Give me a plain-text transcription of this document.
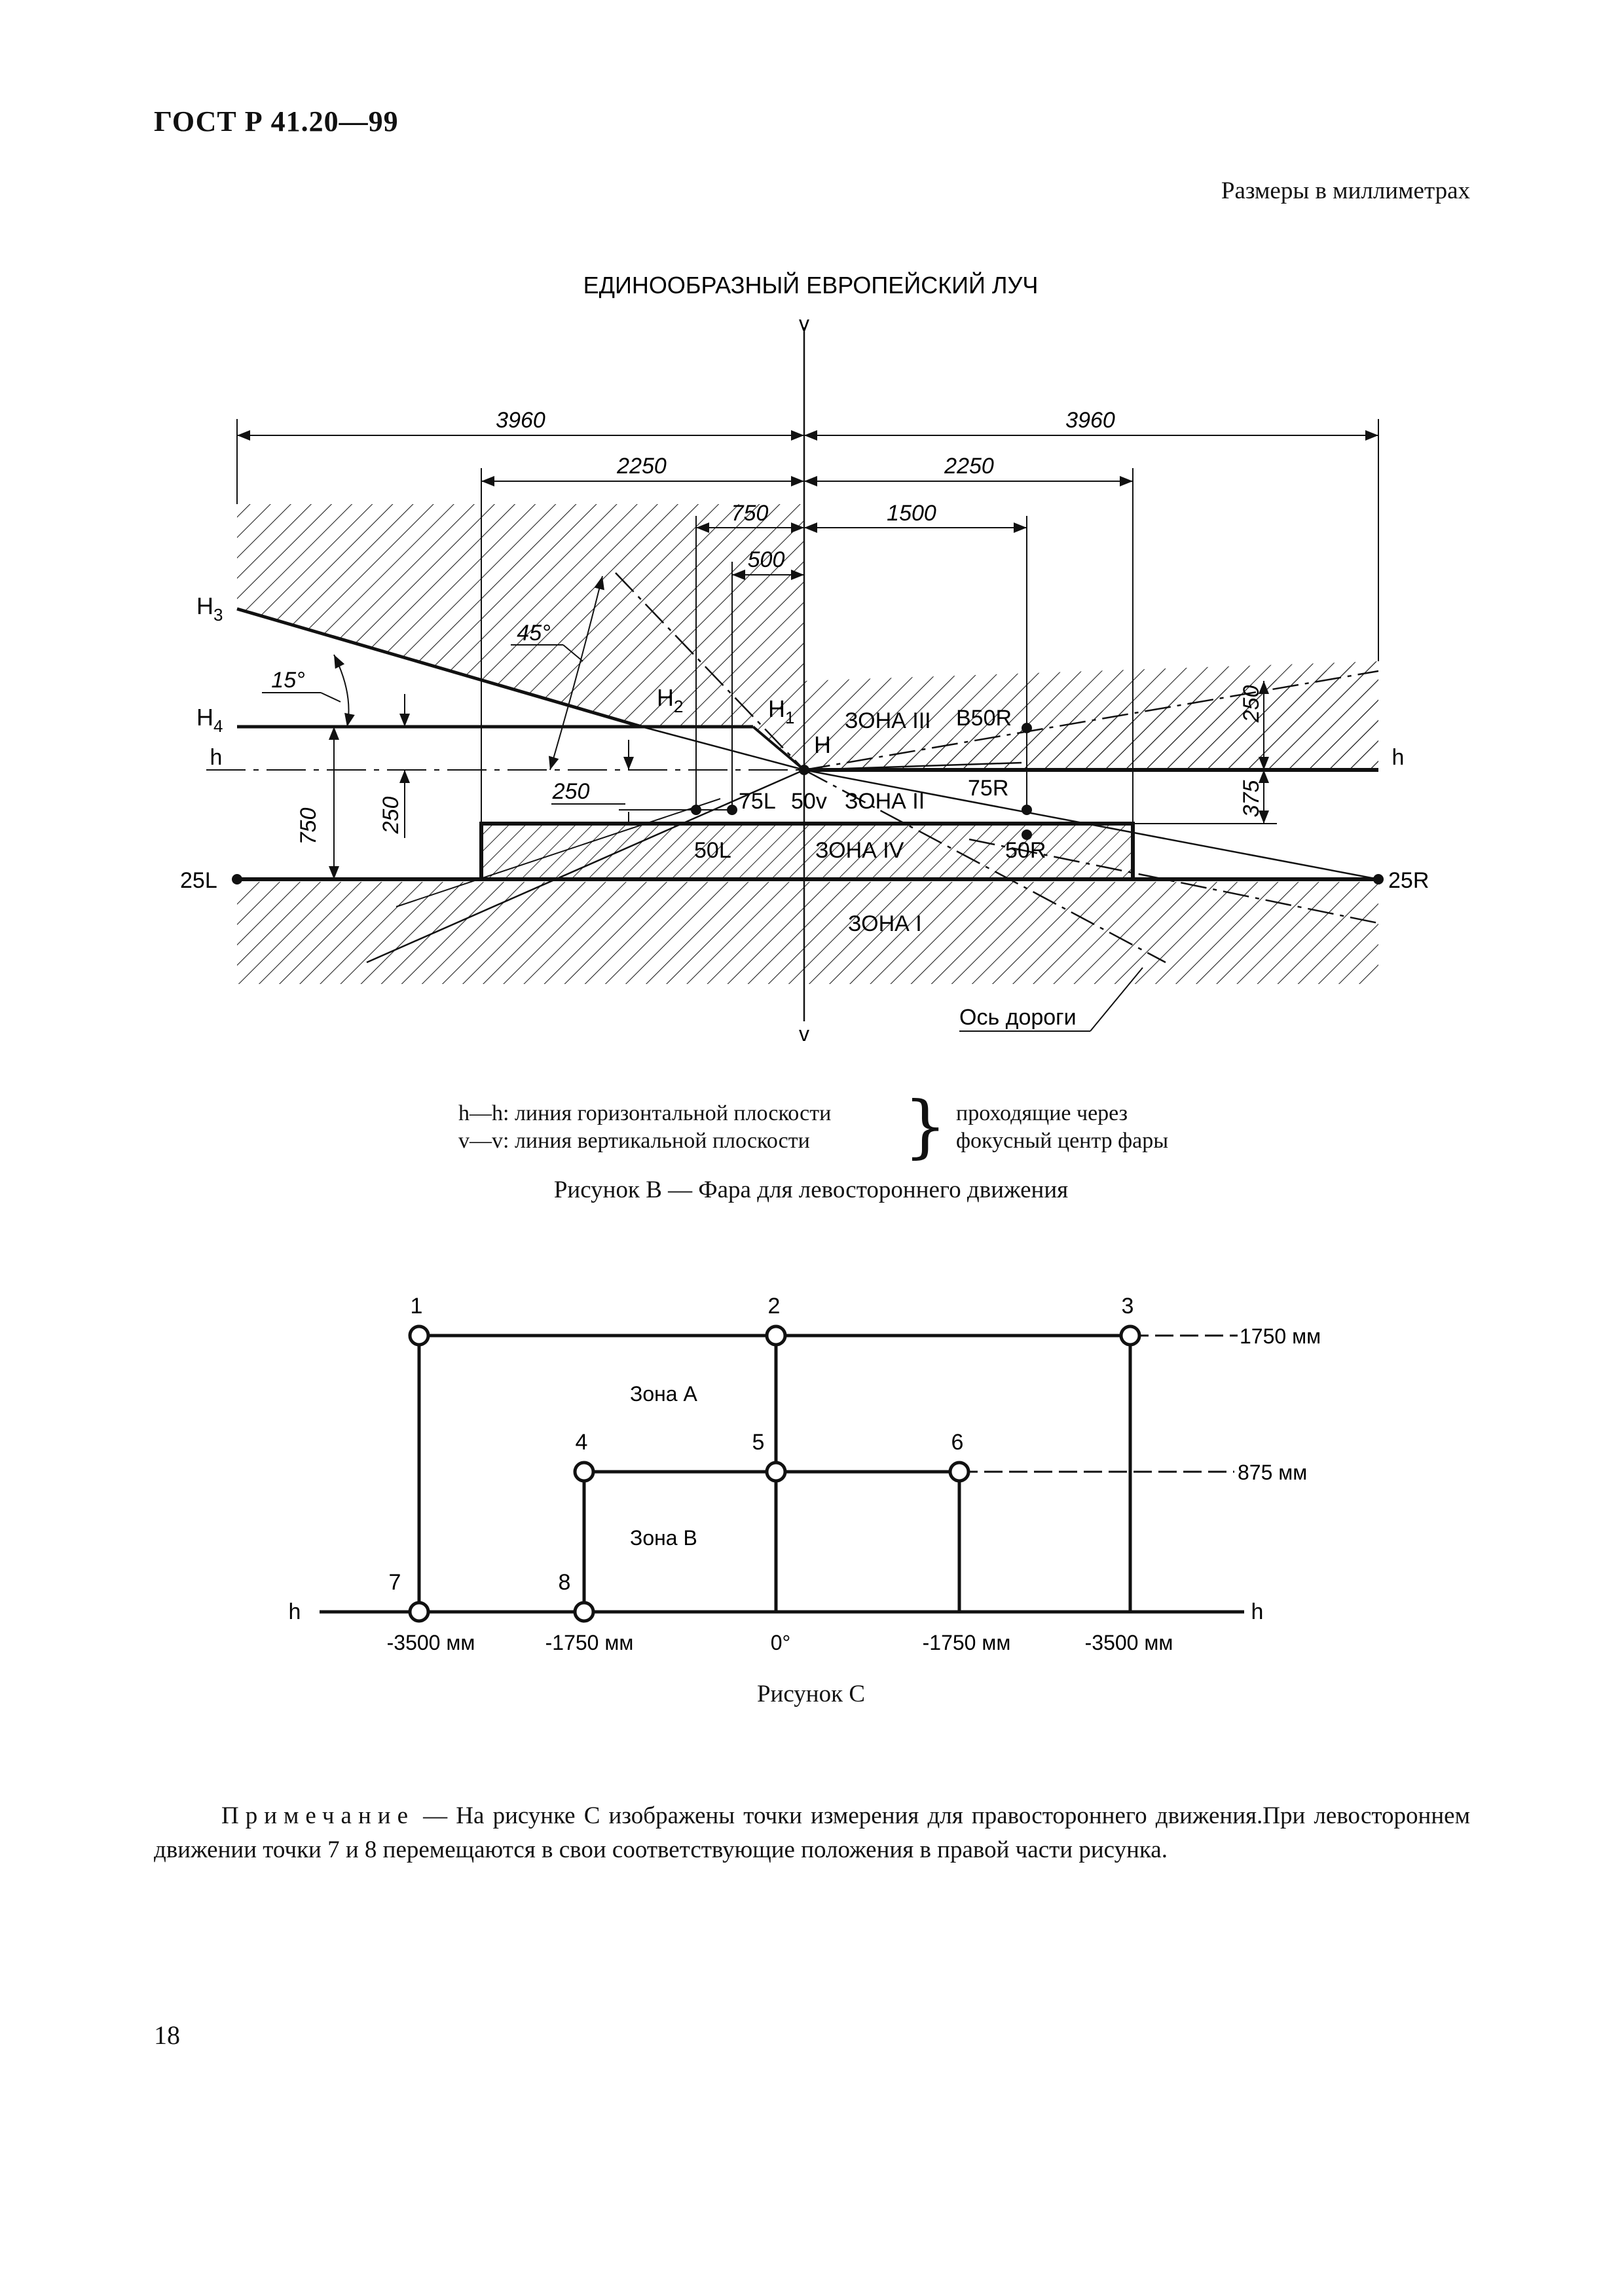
ГОСТ Р 41.20—99
Размеры в миллиметрах
ЕДИНООБРАЗНЫЙ ЕВРОПЕЙСКИЙ ЛУЧ
v
v
h	h
3960	3960
2250	2250
750	1500
500
750	250
15°
45°
250
250
375
$H_3$
$H_4$
$H_2$	$H_1$
H
25L	25R
75L 50v
50L
75R
50R
B50R
ЗОНА III
ЗОНА II
ЗОНА IV
ЗОНА I
Ось дороги
h—h: линия горизонтальной плоскости
v—v: линия вертикальной плоскости	} проходящие через
фокусный центр фары
Рисунок В — Фара для левостороннего движения
1	2	3
4	5	6
7	8
1750 мм
875 мм
Зона А
Зона В
h	h
-3500 мм	-1750 мм	0°	-1750 мм	-3500 мм
Рисунок С
Примечание — На рисунке С изображены точки измерения для правостороннего движения.При левостороннем движении точки 7 и 8 перемещаются в свои соответствующие положения в правой части рисунка.
18
